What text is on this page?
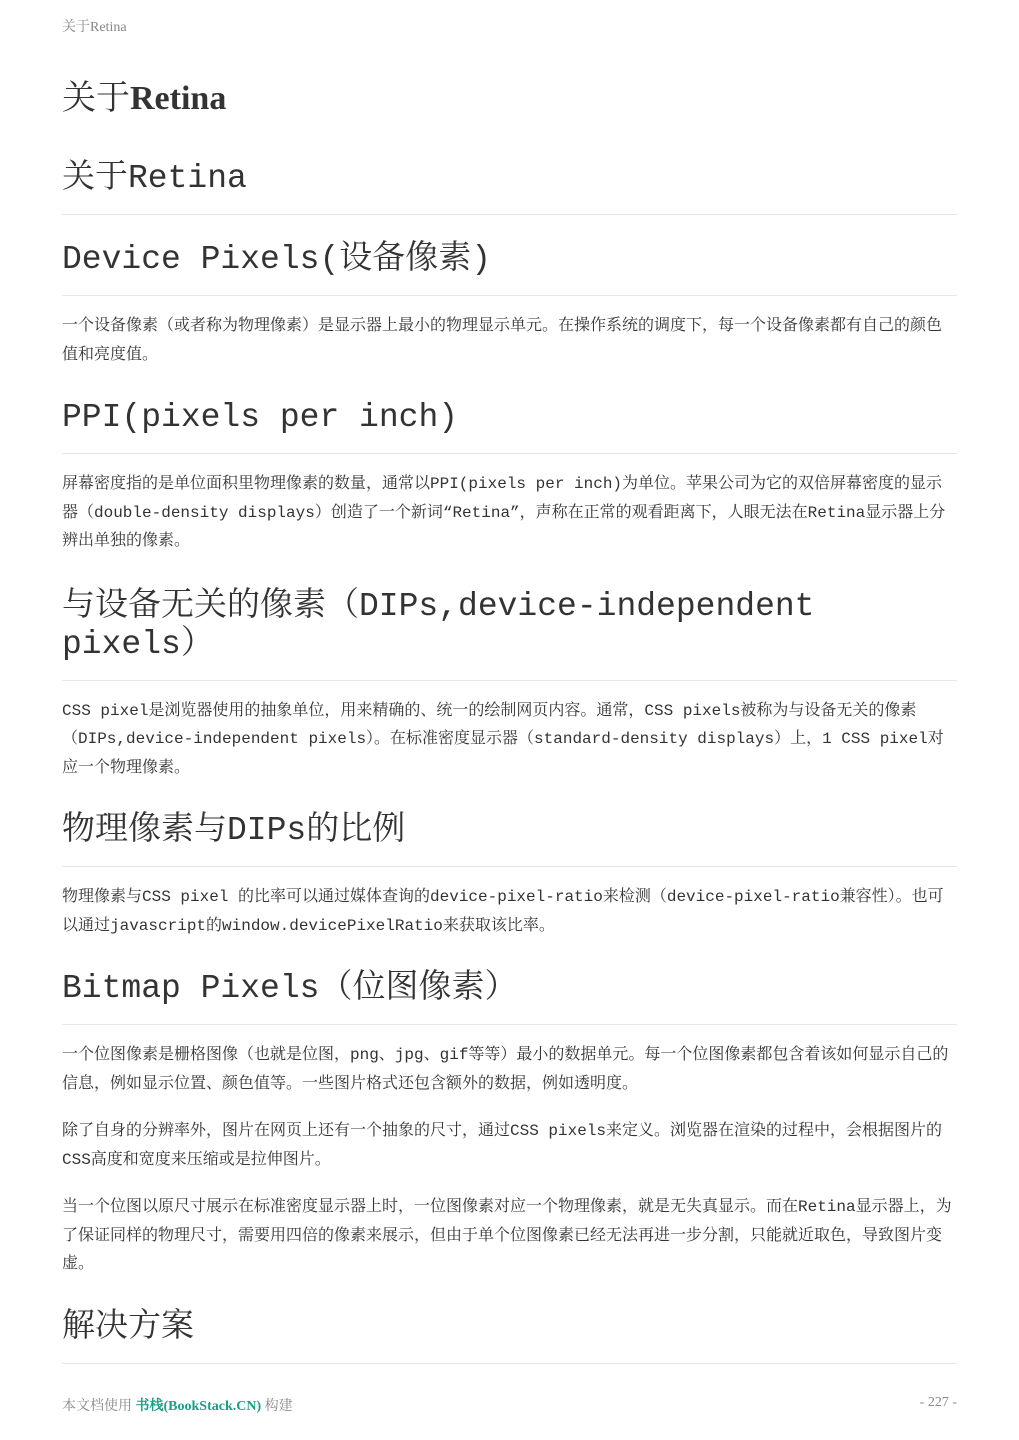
关于Retina
关于Retina
关于Retina
Device Pixels(设备像素)

一个设备像素（或者称为物理像素）是显示器上最小的物理显示单元。在操作系统的调度下，每一个设备像素都有自己的颜色值和亮度值。

PPI(pixels per inch)

屏幕密度指的是单位面积里物理像素的数量，通常以PPI(pixels per inch)为单位。苹果公司为它的双倍屏幕密度的显示器（double-density displays）创造了一个新词“Retina”，声称在正常的观看距离下，人眼无法在Retina显示器上分辨出单独的像素。

与设备无关的像素（DIPs,device-independent pixels）

CSS pixel是浏览器使用的抽象单位，用来精确的、统一的绘制网页内容。通常，CSS pixels被称为与设备无关的像素（DIPs,device-independent pixels）。在标准密度显示器（standard-density displays）上，1 CSS pixel对应一个物理像素。

物理像素与DIPs的比例

物理像素与CSS pixel 的比率可以通过媒体查询的device-pixel-ratio来检测（device-pixel-ratio兼容性）。也可以通过javascript的window.devicePixelRatio来获取该比率。

Bitmap Pixels（位图像素）

一个位图像素是栅格图像（也就是位图，png、jpg、gif等等）最小的数据单元。每一个位图像素都包含着该如何显示自己的信息，例如显示位置、颜色值等。一些图片格式还包含额外的数据，例如透明度。

除了自身的分辨率外，图片在网页上还有一个抽象的尺寸，通过CSS pixels来定义。浏览器在渲染的过程中，会根据图片的CSS高度和宽度来压缩或是拉伸图片。

当一个位图以原尺寸展示在标准密度显示器上时，一位图像素对应一个物理像素，就是无失真显示。而在Retina显示器上，为了保证同样的物理尺寸，需要用四倍的像素来展示，但由于单个位图像素已经无法再进一步分割，只能就近取色，导致图片变虚。

解决方案
本文档使用 书栈(BookStack.CN) 构建	- 227 -
